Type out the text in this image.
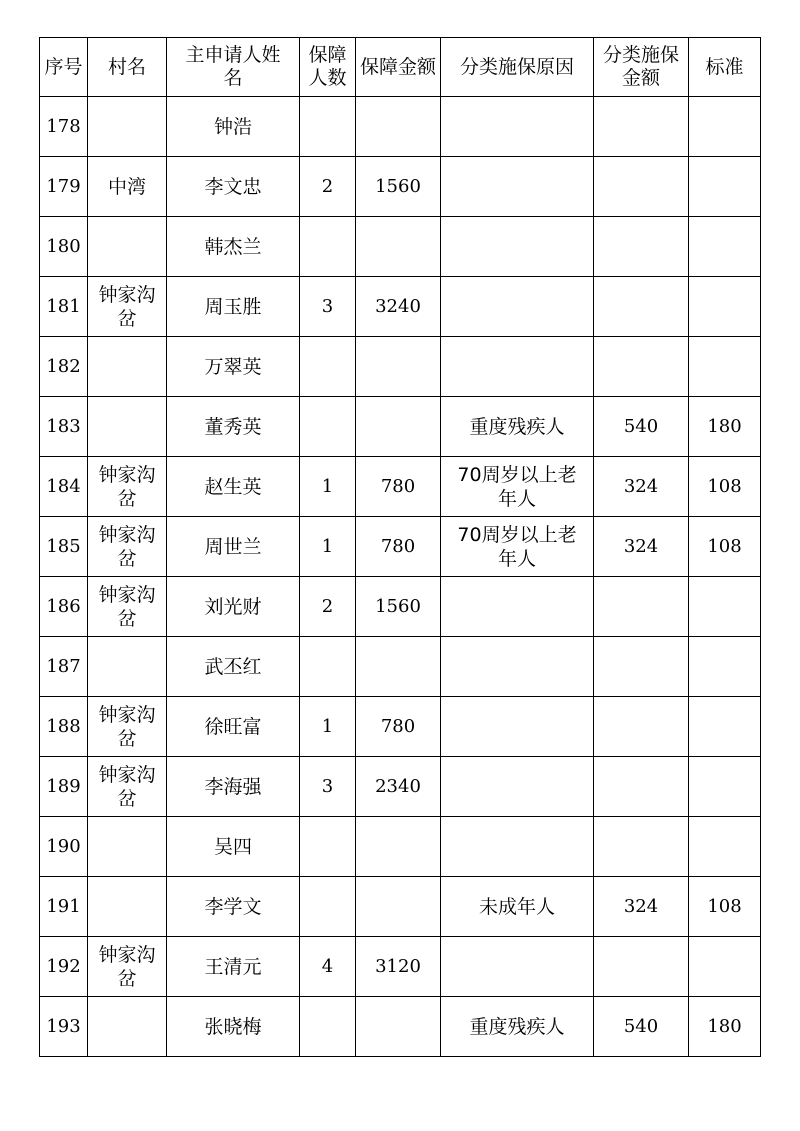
序号	村名	主申请人姓名	保障人数	保障金额	分类施保原因	分类施保金额	标准

178		钟浩					

179	中湾	李文忠	2	1560			

180		韩杰兰					

181	钟家沟岔	周玉胜	3	3240			

182		万翠英					

183		董秀英			重度残疾人	540	180

184	钟家沟岔	赵生英	1	780	70周岁以上老年人	324	108

185	钟家沟岔	周世兰	1	780	70周岁以上老年人	324	108

186	钟家沟岔	刘光财	2	1560			

187		武丕红					

188	钟家沟岔	徐旺富	1	780			

189	钟家沟岔	李海强	3	2340			

190		吴四					

191		李学文			未成年人	324	108

192	钟家沟岔	王清元	4	3120			

193		张晓梅			重度残疾人	540	180
